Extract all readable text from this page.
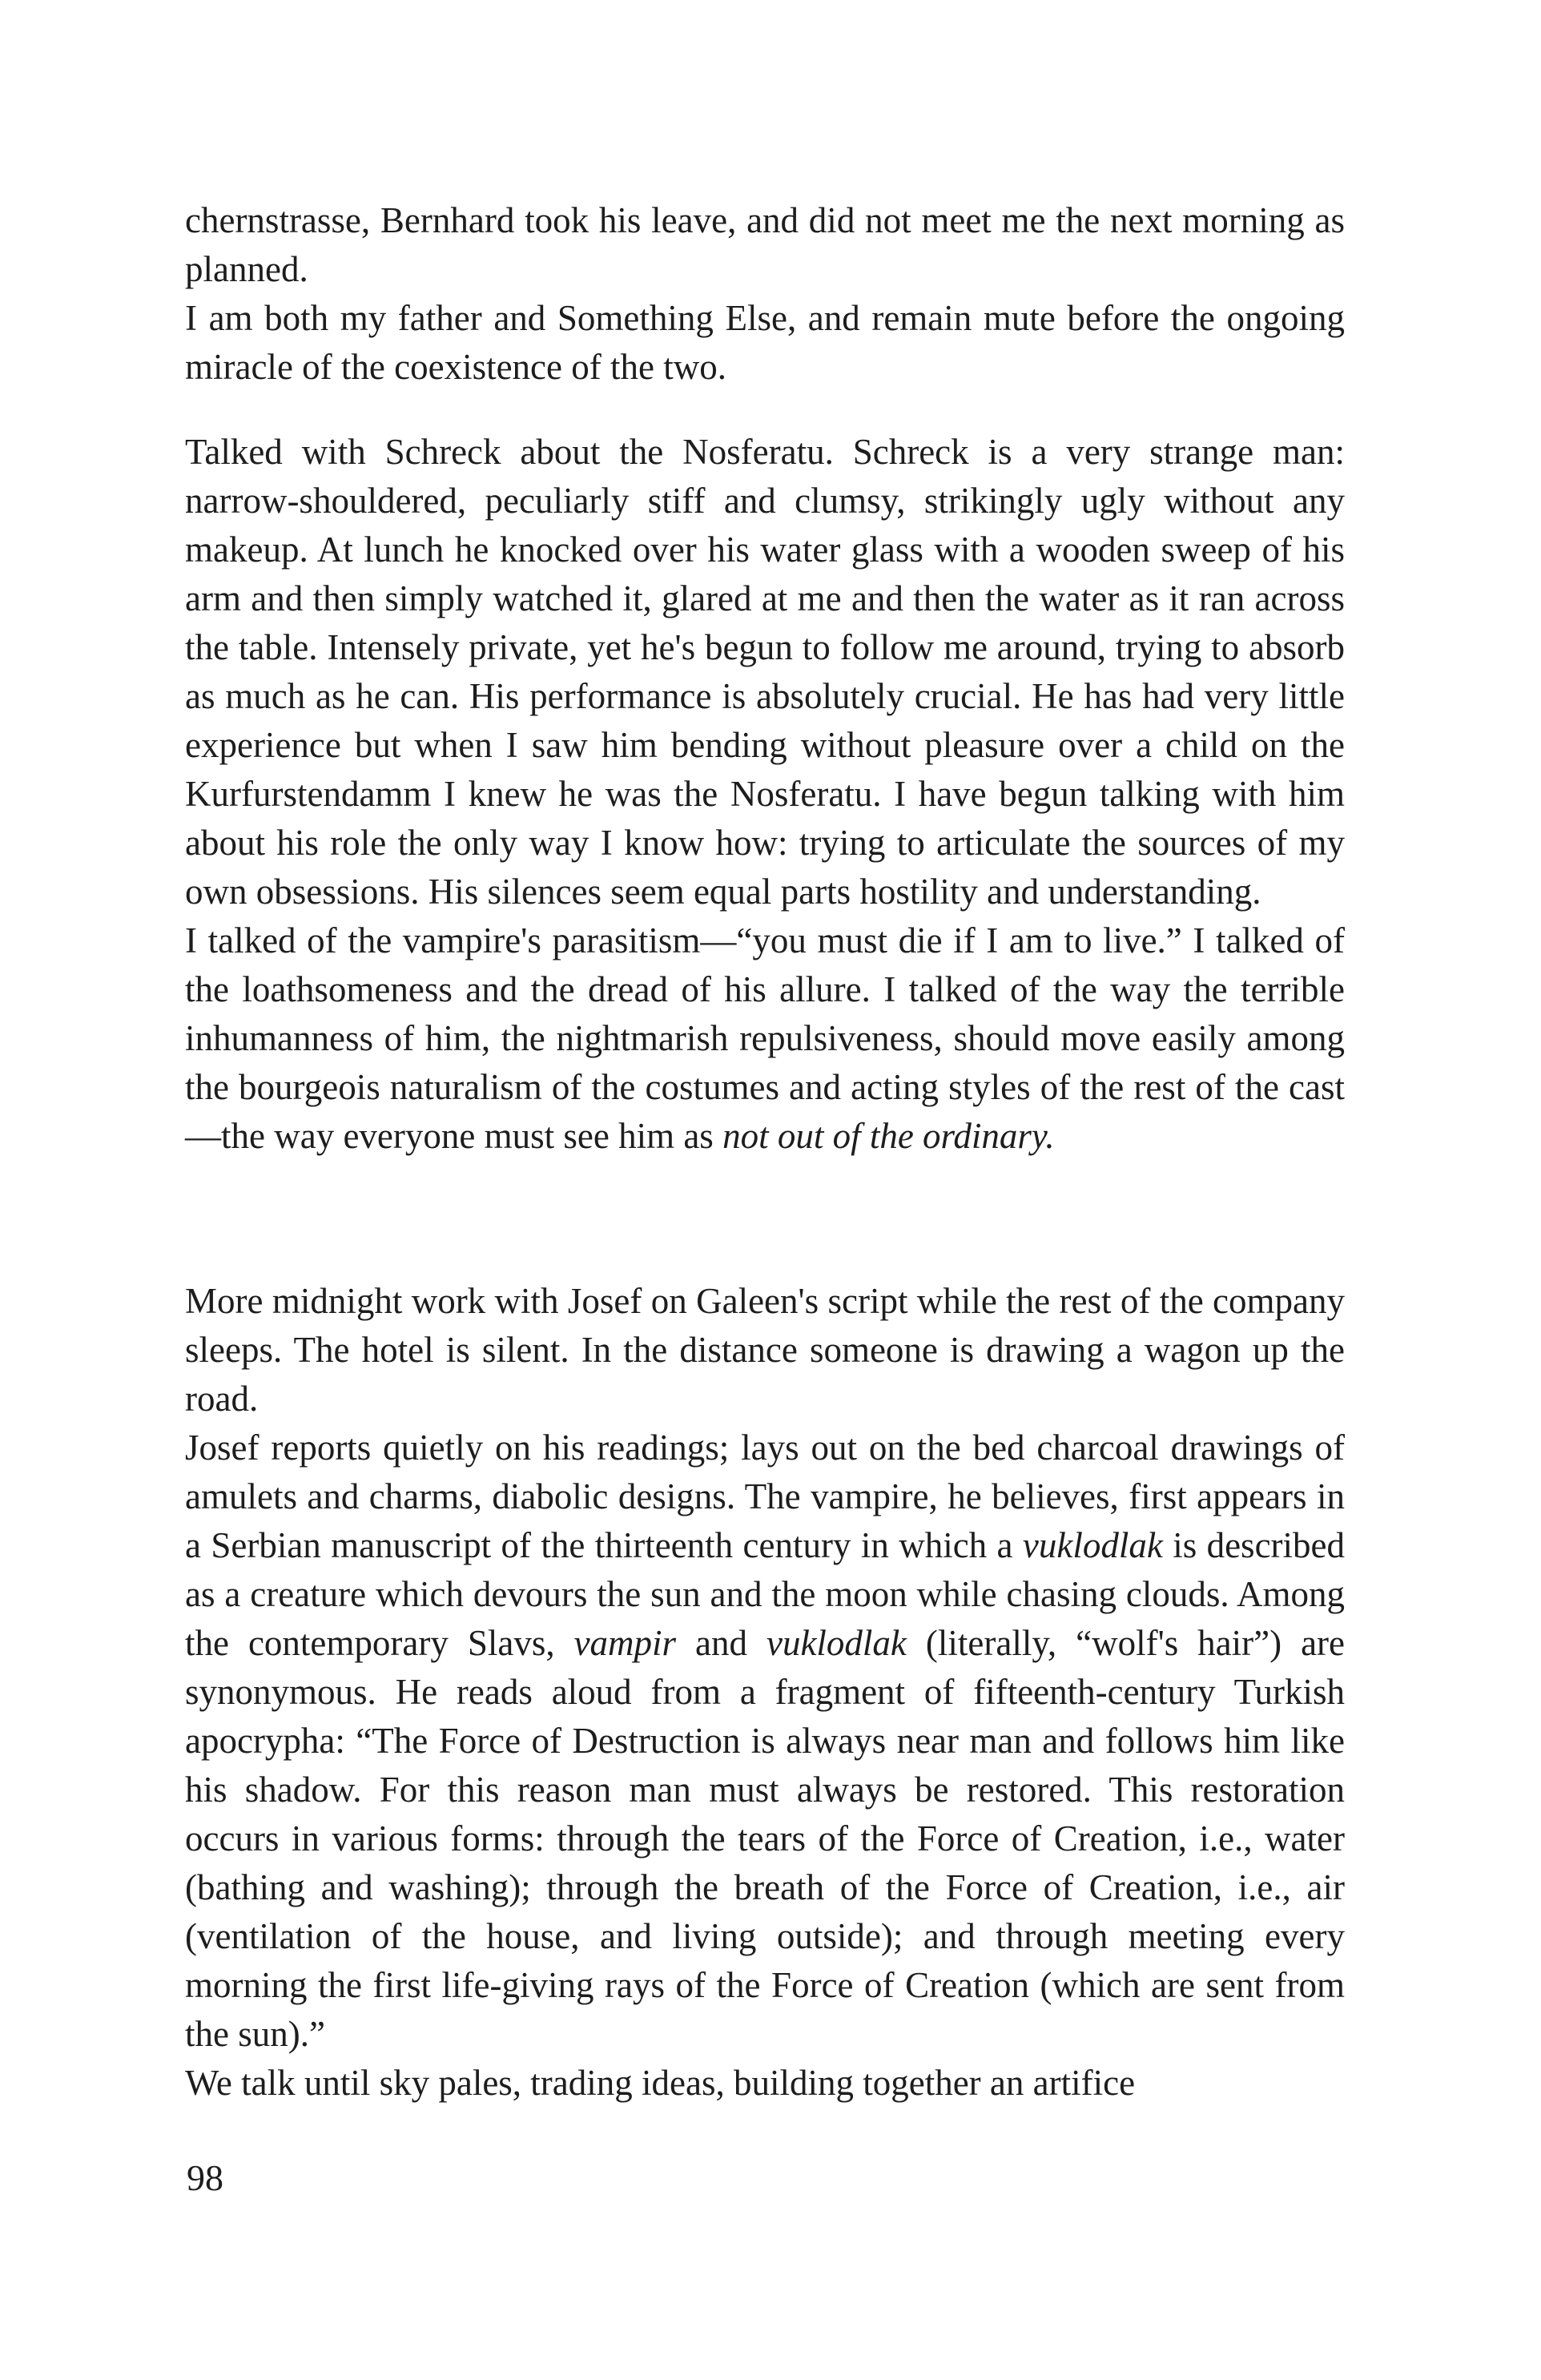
chernstrasse, Bernhard took his leave, and did not meet me the next morning as planned.

I am both my father and Something Else, and remain mute before the ongoing miracle of the coexistence of the two.

Talked with Schreck about the Nosferatu. Schreck is a very strange man: narrow-shouldered, peculiarly stiff and clumsy, strikingly ugly without any makeup. At lunch he knocked over his water glass with a wooden sweep of his arm and then simply watched it, glared at me and then the water as it ran across the table. Intensely private, yet he's begun to follow me around, trying to absorb as much as he can. His performance is absolutely crucial. He has had very little experience but when I saw him bending without pleasure over a child on the Kurfurstendamm I knew he was the Nosferatu. I have begun talking with him about his role the only way I know how: trying to articulate the sources of my own obsessions. His silences seem equal parts hostility and understanding.

I talked of the vampire's parasitism—“you must die if I am to live.” I talked of the loathsomeness and the dread of his allure. I talked of the way the terrible inhumanness of him, the nightmarish repulsiveness, should move easily among the bourgeois naturalism of the costumes and acting styles of the rest of the cast—the way everyone must see him as not out of the ordinary.

More midnight work with Josef on Galeen's script while the rest of the company sleeps. The hotel is silent. In the distance someone is drawing a wagon up the road.

Josef reports quietly on his readings; lays out on the bed charcoal drawings of amulets and charms, diabolic designs. The vampire, he believes, first appears in a Serbian manuscript of the thirteenth century in which a vuklodlak is described as a creature which devours the sun and the moon while chasing clouds. Among the contemporary Slavs, vampir and vuklodlak (literally, “wolf's hair”) are synonymous. He reads aloud from a fragment of fifteenth-century Turkish apocrypha: “The Force of Destruction is always near man and follows him like his shadow. For this reason man must always be restored. This restoration occurs in various forms: through the tears of the Force of Creation, i.e., water (bathing and washing); through the breath of the Force of Creation, i.e., air (ventilation of the house, and living outside); and through meeting every morning the first life-giving rays of the Force of Creation (which are sent from the sun).”

We talk until sky pales, trading ideas, building together an artifice

98
